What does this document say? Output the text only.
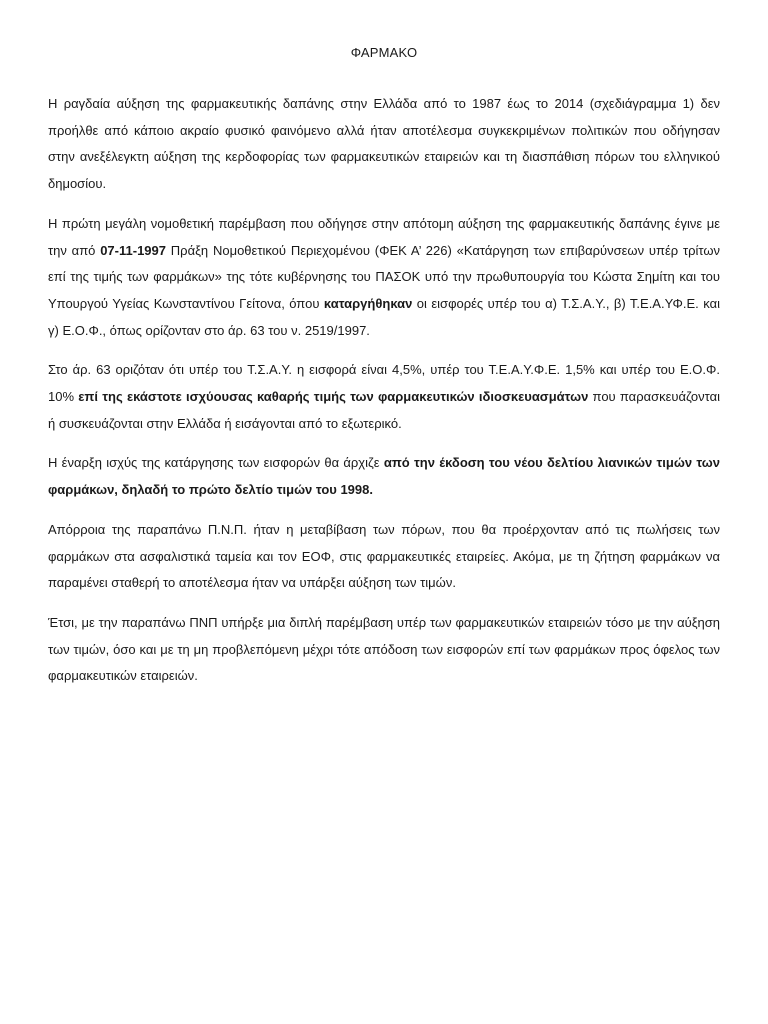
ΦΑΡΜΑΚΟ

Η ραγδαία αύξηση της φαρμακευτικής δαπάνης στην Ελλάδα από το 1987 έως το 2014 (σχεδιάγραμμα 1) δεν προήλθε από κάποιο ακραίο φυσικό φαινόμενο αλλά ήταν αποτέλεσμα συγκεκριμένων πολιτικών που οδήγησαν στην ανεξέλεγκτη αύξηση της κερδοφορίας των φαρμακευτικών εταιρειών και τη διασπάθιση πόρων του ελληνικού δημοσίου.

Η πρώτη μεγάλη νομοθετική παρέμβαση που οδήγησε στην απότομη αύξηση της φαρμακευτικής δαπάνης έγινε με την από 07-11-1997 Πράξη Νομοθετικού Περιεχομένου (ΦΕΚ Α’ 226) «Κατάργηση των επιβαρύνσεων υπέρ τρίτων επί της τιμής των φαρμάκων» της τότε κυβέρνησης του ΠΑΣΟΚ υπό την πρωθυπουργία του Κώστα Σημίτη και του Υπουργού Υγείας Κωνσταντίνου Γείτονα, όπου καταργήθηκαν οι εισφορές υπέρ του α) Τ.Σ.Α.Υ., β) Τ.Ε.Α.ΥΦ.Ε. και γ) Ε.Ο.Φ., όπως ορίζονταν στο άρ. 63 του ν. 2519/1997.

Στο άρ. 63 οριζόταν ότι υπέρ του Τ.Σ.Α.Υ. η εισφορά είναι 4,5%, υπέρ του Τ.Ε.Α.Υ.Φ.Ε. 1,5% και υπέρ του Ε.Ο.Φ. 10% επί της εκάστοτε ισχύουσας καθαρής τιμής των φαρμακευτικών ιδιοσκευασμάτων που παρασκευάζονται ή συσκευάζονται στην Ελλάδα ή εισάγονται από το εξωτερικό.

Η έναρξη ισχύς της κατάργησης των εισφορών θα άρχιζε από την έκδοση του νέου δελτίου λιανικών τιμών των φαρμάκων, δηλαδή το πρώτο δελτίο τιμών του 1998.

Απόρροια της παραπάνω Π.Ν.Π. ήταν η μεταβίβαση των πόρων, που θα προέρχονταν από τις πωλήσεις των φαρμάκων στα ασφαλιστικά ταμεία και τον ΕΟΦ, στις φαρμακευτικές εταιρείες. Ακόμα, με τη ζήτηση φαρμάκων να παραμένει σταθερή το αποτέλεσμα ήταν να υπάρξει αύξηση των τιμών.

Έτσι, με την παραπάνω ΠΝΠ υπήρξε μια διπλή παρέμβαση υπέρ των φαρμακευτικών εταιρειών τόσο με την αύξηση των τιμών, όσο και με τη μη προβλεπόμενη μέχρι τότε απόδοση των εισφορών επί των φαρμάκων προς όφελος των φαρμακευτικών εταιρειών.
